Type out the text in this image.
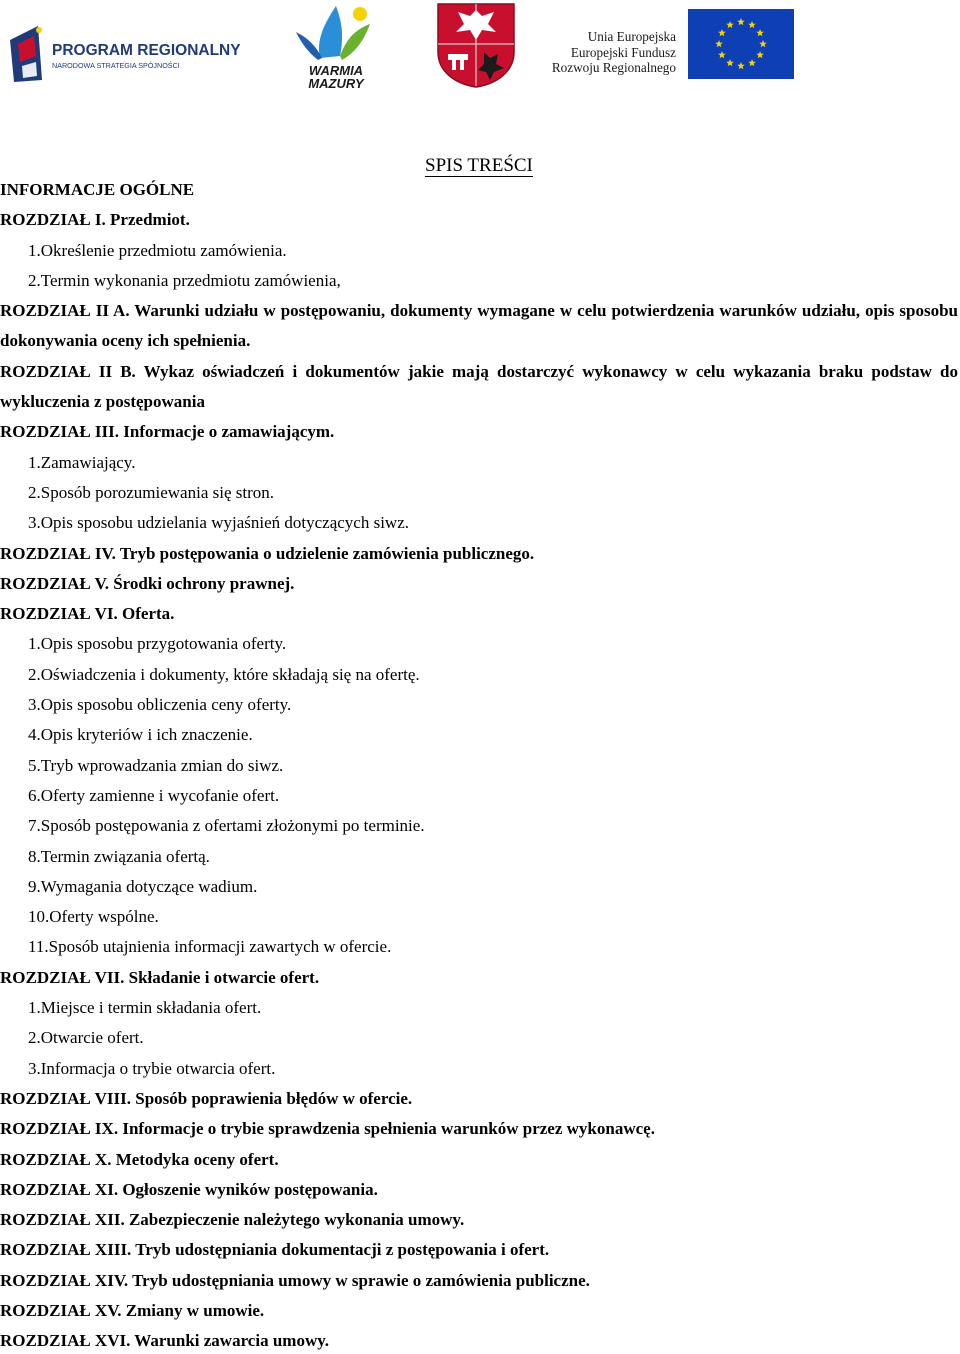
PROGRAM REGIONALNY
NARODOWA STRATEGIA SPÓJNOŚCI	WARMIA
MAZURY
Unia Europejska
Europejski Fundusz
Rozwoju Regionalnego
SPIS TREŚCI
INFORMACJE OGÓLNE
ROZDZIAŁ I. Przedmiot.
1.Określenie przedmiotu zamówienia.
2.Termin wykonania przedmiotu zamówienia,
ROZDZIAŁ II A. Warunki udziału w postępowaniu, dokumenty wymagane w celu potwierdzenia warunków udziału, opis sposobu dokonywania oceny ich spełnienia.
ROZDZIAŁ II B. Wykaz oświadczeń i dokumentów jakie mają dostarczyć wykonawcy w celu wykazania braku podstaw do wykluczenia z postępowania
ROZDZIAŁ III. Informacje o zamawiającym.
1.Zamawiający.
2.Sposób porozumiewania się stron.
3.Opis sposobu udzielania wyjaśnień dotyczących siwz.
ROZDZIAŁ IV. Tryb postępowania o udzielenie zamówienia publicznego.
ROZDZIAŁ V. Środki ochrony prawnej.
ROZDZIAŁ VI. Oferta.
1.Opis sposobu przygotowania oferty.
2.Oświadczenia i dokumenty, które składają się na ofertę.
3.Opis sposobu obliczenia ceny oferty.
4.Opis kryteriów i ich znaczenie.
5.Tryb wprowadzania zmian do siwz.
6.Oferty zamienne i wycofanie ofert.
7.Sposób postępowania z ofertami złożonymi po terminie.
8.Termin związania ofertą.
9.Wymagania dotyczące wadium.
10.Oferty wspólne.
11.Sposób utajnienia informacji zawartych w ofercie.
ROZDZIAŁ VII. Składanie i otwarcie ofert.
1.Miejsce i termin składania ofert.
2.Otwarcie ofert.
3.Informacja o trybie otwarcia ofert.
ROZDZIAŁ VIII. Sposób poprawienia błędów w ofercie.
ROZDZIAŁ IX. Informacje o trybie sprawdzenia spełnienia warunków przez wykonawcę.
ROZDZIAŁ X. Metodyka oceny ofert.
ROZDZIAŁ XI. Ogłoszenie wyników postępowania.
ROZDZIAŁ XII. Zabezpieczenie należytego wykonania umowy.
ROZDZIAŁ XIII. Tryb udostępniania dokumentacji z postępowania i ofert.
ROZDZIAŁ XIV. Tryb udostępniania umowy w sprawie o zamówienia publiczne.
ROZDZIAŁ XV. Zmiany w umowie.
ROZDZIAŁ XVI. Warunki zawarcia umowy.
